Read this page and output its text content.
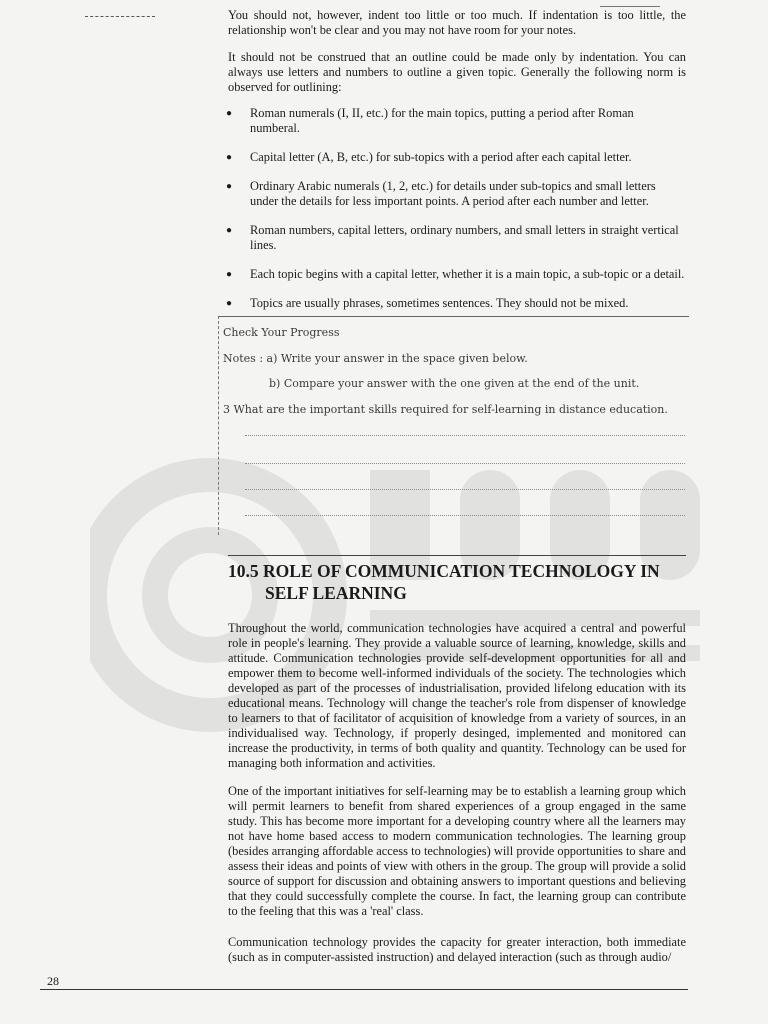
You should not, however, indent too little or too much. If indentation is too little, the relationship won't be clear and you may not have room for your notes.

It should not be construed that an outline could be made only by indentation. You can always use letters and numbers to outline a given topic. Generally the following norm is observed for outlining:

● Roman numerals (I, II, etc.) for the main topics, putting a period after Roman numberal.
● Capital letter (A, B, etc.) for sub-topics with a period after each capital letter.
● Ordinary Arabic numerals (1, 2, etc.) for details under sub-topics and small letters under the details for less important points. A period after each number and letter.
● Roman numbers, capital letters, ordinary numbers, and small letters in straight vertical lines.
● Each topic begins with a capital letter, whether it is a main topic, a sub-topic or a detail.
● Topics are usually phrases, sometimes sentences. They should not be mixed.
Check Your Progress
Notes : a) Write your answer in the space given below.
b) Compare your answer with the one given at the end of the unit.
3 What are the important skills required for self-learning in distance education.
10.5 ROLE OF COMMUNICATION TECHNOLOGY IN
SELF LEARNING

Throughout the world, communication technologies have acquired a central and powerful role in people's learning. They provide a valuable source of learning, knowledge, skills and attitude. Communication technologies provide self-development opportunities for all and empower them to become well-informed individuals of the society. The technologies which developed as part of the processes of industrialisation, provided lifelong education with its educational means. Technology will change the teacher's role from dispenser of knowledge to learners to that of facilitator of acquisition of knowledge from a variety of sources, in an individualised way. Technology, if properly desinged, implemented and monitored can increase the productivity, in terms of both quality and quantity. Technology can be used for managing both information and activities.

One of the important initiatives for self-learning may be to establish a learning group which will permit learners to benefit from shared experiences of a group engaged in the same study. This has become more important for a developing country where all the learners may not have home based access to modern communication technologies. The learning group (besides arranging affordable access to technologies) will provide opportunities to share and assess their ideas and points of view with others in the group. The group will provide a solid source of support for discussion and obtaining answers to important questions and believing that they could successfully complete the course. In fact, the learning group can contribute to the feeling that this was a 'real' class.

Communication technology provides the capacity for greater interaction, both immediate (such as in computer-assisted instruction) and delayed interaction (such as through audio/

28
